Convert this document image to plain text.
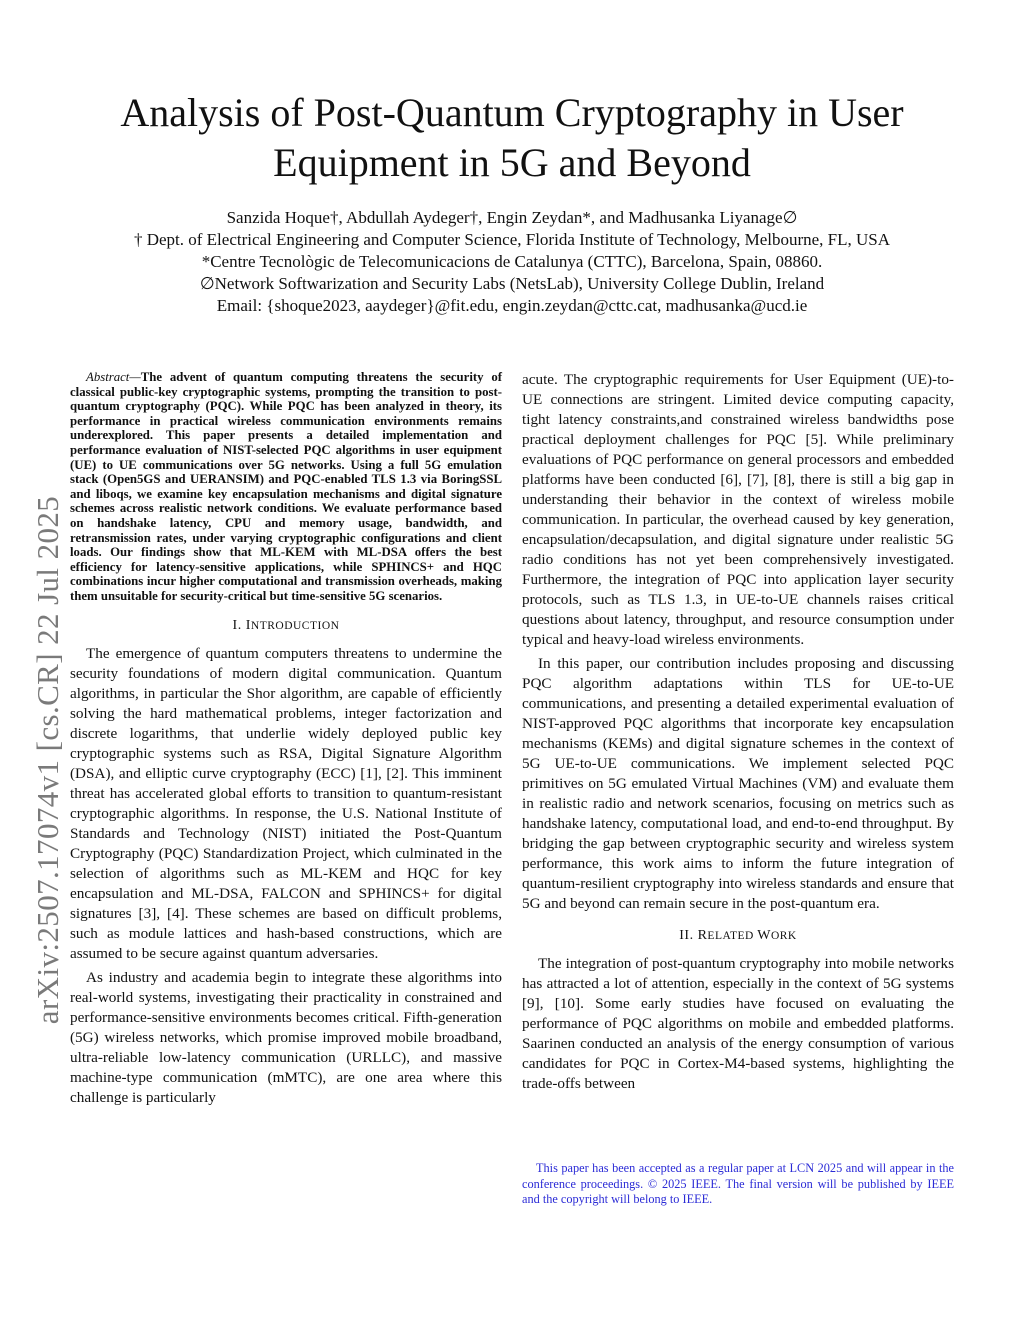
arXiv:2507.17074v1 [cs.CR] 22 Jul 2025
Analysis of Post-Quantum Cryptography in User
Equipment in 5G and Beyond
Sanzida Hoque†, Abdullah Aydeger†, Engin Zeydan*, and Madhusanka Liyanage∅
† Dept. of Electrical Engineering and Computer Science, Florida Institute of Technology, Melbourne, FL, USA
*Centre Tecnològic de Telecomunicacions de Catalunya (CTTC), Barcelona, Spain, 08860.
∅Network Softwarization and Security Labs (NetsLab), University College Dublin, Ireland
Email: {shoque2023, aaydeger}@fit.edu, engin.zeydan@cttc.cat, madhusanka@ucd.ie

Abstract—The advent of quantum computing threatens the security of classical public-key cryptographic systems, prompting the transition to post-quantum cryptography (PQC). While PQC has been analyzed in theory, its performance in practical wireless communication environments remains underexplored. This paper presents a detailed implementation and performance evaluation of NIST-selected PQC algorithms in user equipment (UE) to UE communications over 5G networks. Using a full 5G emulation stack (Open5GS and UERANSIM) and PQC-enabled TLS 1.3 via BoringSSL and liboqs, we examine key encapsulation mechanisms and digital signature schemes across realistic network conditions. We evaluate performance based on handshake latency, CPU and memory usage, bandwidth, and retransmission rates, under varying cryptographic configurations and client loads. Our findings show that ML-KEM with ML-DSA offers the best efficiency for latency-sensitive applications, while SPHINCS+ and HQC combinations incur higher computational and transmission overheads, making them unsuitable for security-critical but time-sensitive 5G scenarios.

I. INTRODUCTION

The emergence of quantum computers threatens to undermine the security foundations of modern digital communication. Quantum algorithms, in particular the Shor algorithm, are capable of efficiently solving the hard mathematical problems, integer factorization and discrete logarithms, that underlie widely deployed public key cryptographic systems such as RSA, Digital Signature Algorithm (DSA), and elliptic curve cryptography (ECC) [1], [2]. This imminent threat has accelerated global efforts to transition to quantum-resistant cryptographic algorithms. In response, the U.S. National Institute of Standards and Technology (NIST) initiated the Post-Quantum Cryptography (PQC) Standardization Project, which culminated in the selection of algorithms such as ML-KEM and HQC for key encapsulation and ML-DSA, FALCON and SPHINCS+ for digital signatures [3], [4]. These schemes are based on difficult problems, such as module lattices and hash-based constructions, which are assumed to be secure against quantum adversaries.

As industry and academia begin to integrate these algorithms into real-world systems, investigating their practicality in constrained and performance-sensitive environments becomes critical. Fifth-generation (5G) wireless networks, which promise improved mobile broadband, ultra-reliable low-latency communication (URLLC), and massive machine-type communication (mMTC), are one area where this challenge is particularly

acute. The cryptographic requirements for User Equipment (UE)-to-UE connections are stringent. Limited device computing capacity, tight latency constraints,and constrained wireless bandwidths pose practical deployment challenges for PQC [5]. While preliminary evaluations of PQC performance on general processors and embedded platforms have been conducted [6], [7], [8], there is still a big gap in understanding their behavior in the context of wireless mobile communication. In particular, the overhead caused by key generation, encapsulation/decapsulation, and digital signature under realistic 5G radio conditions has not yet been comprehensively investigated. Furthermore, the integration of PQC into application layer security protocols, such as TLS 1.3, in UE-to-UE channels raises critical questions about latency, throughput, and resource consumption under typical and heavy-load wireless environments.

In this paper, our contribution includes proposing and discussing PQC algorithm adaptations within TLS for UE-to-UE communications, and presenting a detailed experimental evaluation of NIST-approved PQC algorithms that incorporate key encapsulation mechanisms (KEMs) and digital signature schemes in the context of 5G UE-to-UE communications. We implement selected PQC primitives on 5G emulated Virtual Machines (VM) and evaluate them in realistic radio and network scenarios, focusing on metrics such as handshake latency, computational load, and end-to-end throughput. By bridging the gap between cryptographic security and wireless system performance, this work aims to inform the future integration of quantum-resilient cryptography into wireless standards and ensure that 5G and beyond can remain secure in the post-quantum era.

II. RELATED WORK

The integration of post-quantum cryptography into mobile networks has attracted a lot of attention, especially in the context of 5G systems [9], [10]. Some early studies have focused on evaluating the performance of PQC algorithms on mobile and embedded platforms. Saarinen conducted an analysis of the energy consumption of various candidates for PQC in Cortex-M4-based systems, highlighting the trade-offs between

This paper has been accepted as a regular paper at LCN 2025 and will appear in the conference proceedings. © 2025 IEEE. The final version will be published by IEEE and the copyright will belong to IEEE.
